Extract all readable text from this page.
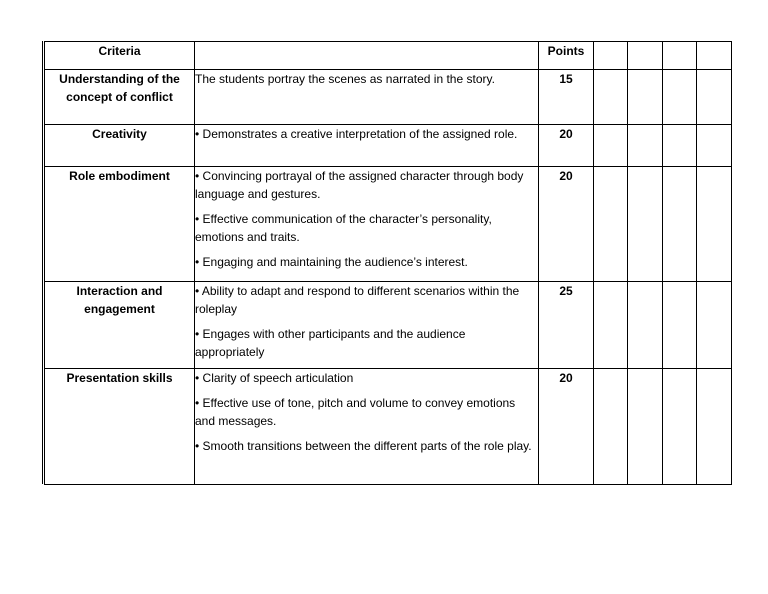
Criteria		Points				
Understanding of the concept of conflict	The students portray the scenes as narrated in the story.	15				
Creativity	• Demonstrates a creative interpretation of the assigned role.	20				
Role embodiment	• Convincing portrayal of the assigned character through body language and gestures.
• Effective communication of the character’s personality, emotions and traits.
• Engaging and maintaining the audience’s interest.	20				
Interaction and engagement	• Ability to adapt and respond to different scenarios within the roleplay
• Engages with other participants and the audience appropriately	25				
Presentation skills	• Clarity of speech articulation
• Effective use of tone, pitch and volume to convey emotions and messages.
• Smooth transitions between the different parts of the role play.	20				
